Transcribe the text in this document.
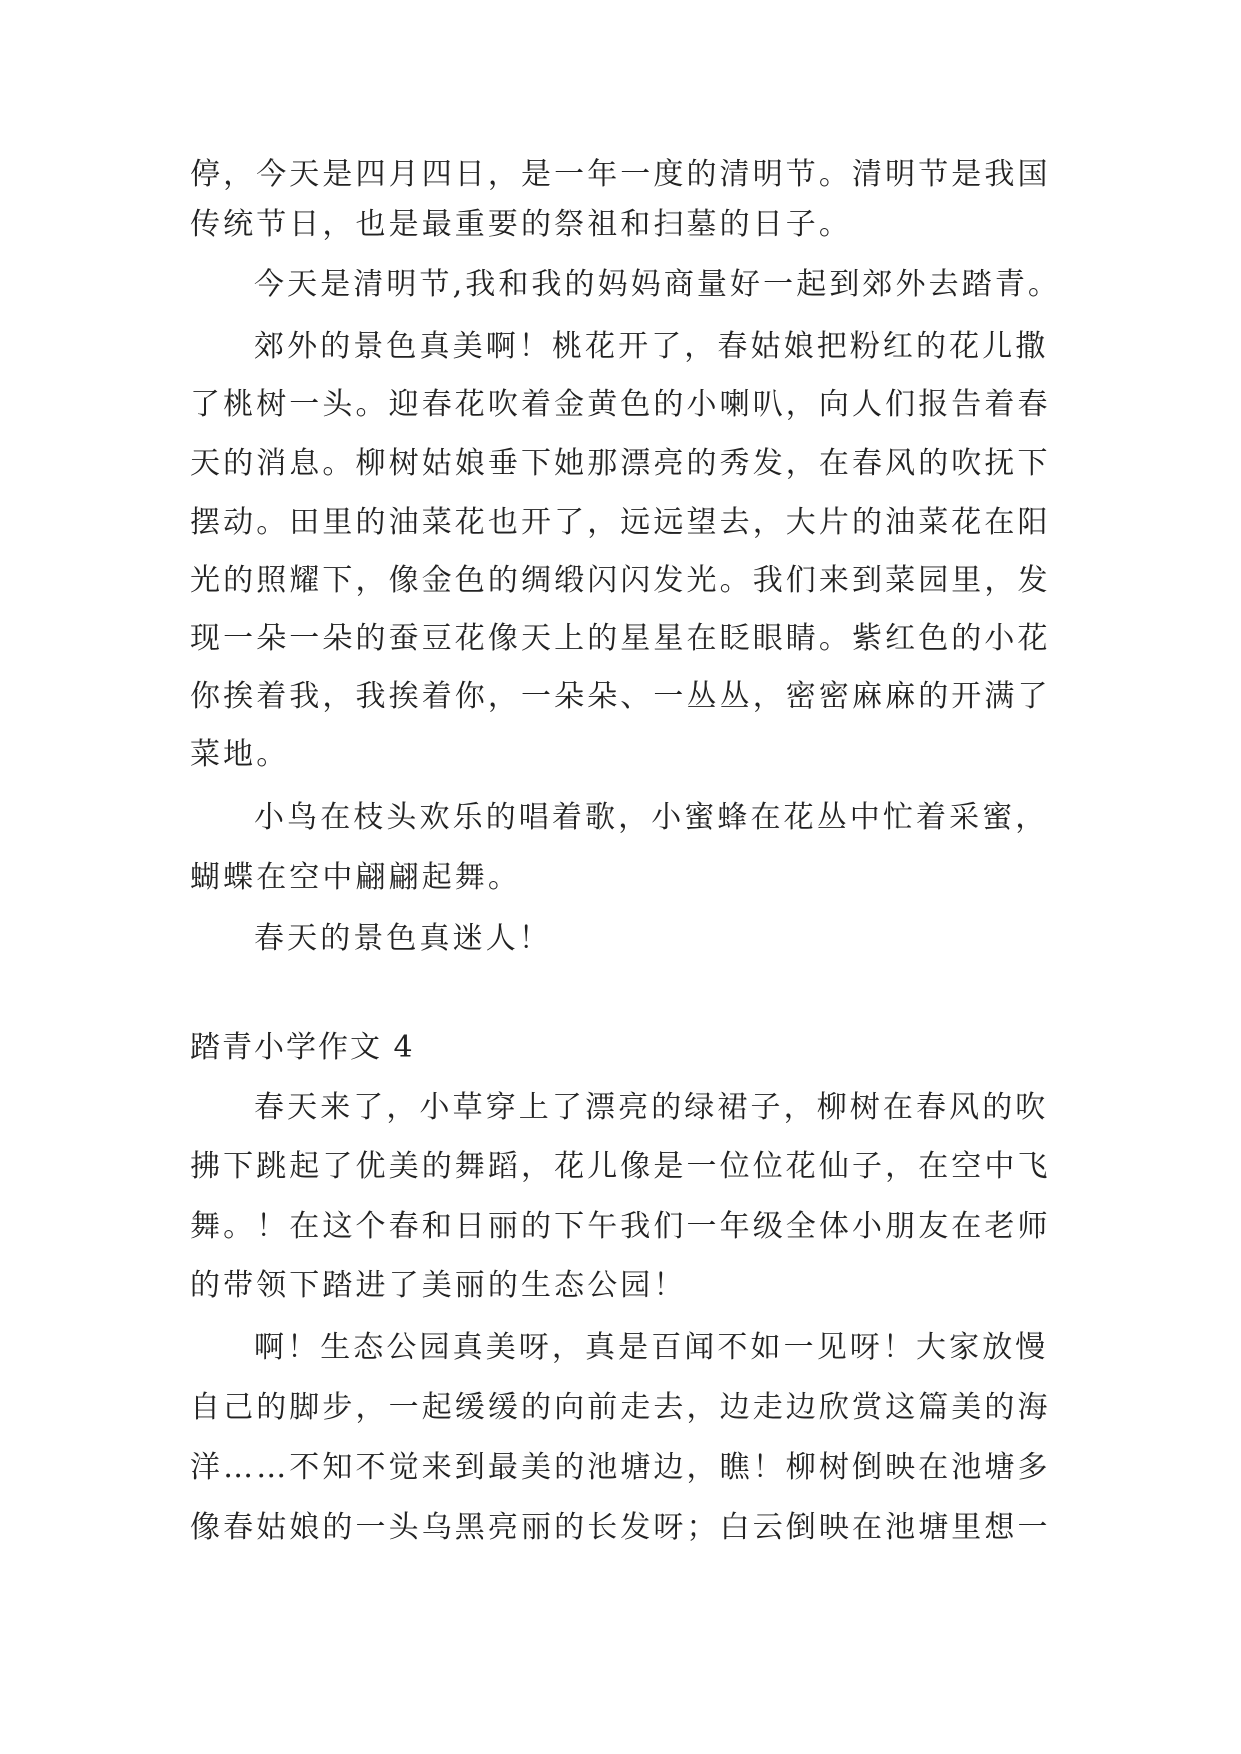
停，今天是四月四日，是一年一度的清明节。清明节是我国
传统节日，也是最重要的祭祖和扫墓的日子。
今天是清明节,我和我的妈妈商量好一起到郊外去踏青。
郊外的景色真美啊！桃花开了，春姑娘把粉红的花儿撒
了桃树一头。迎春花吹着金黄色的小喇叭，向人们报告着春
天的消息。柳树姑娘垂下她那漂亮的秀发，在春风的吹抚下
摆动。田里的油菜花也开了，远远望去，大片的油菜花在阳
光的照耀下，像金色的绸缎闪闪发光。我们来到菜园里，发
现一朵一朵的蚕豆花像天上的星星在眨眼睛。紫红色的小花
你挨着我，我挨着你，一朵朵、一丛丛，密密麻麻的开满了
菜地。
小鸟在枝头欢乐的唱着歌，小蜜蜂在花丛中忙着采蜜，
蝴蝶在空中翩翩起舞。
春天的景色真迷人！
踏青小学作文 4
春天来了，小草穿上了漂亮的绿裙子，柳树在春风的吹
拂下跳起了优美的舞蹈，花儿像是一位位花仙子，在空中飞
舞。！在这个春和日丽的下午我们一年级全体小朋友在老师
的带领下踏进了美丽的生态公园！
啊！生态公园真美呀，真是百闻不如一见呀！大家放慢
自己的脚步，一起缓缓的向前走去，边走边欣赏这篇美的海
洋……不知不觉来到最美的池塘边，瞧！柳树倒映在池塘多
像春姑娘的一头乌黑亮丽的长发呀；白云倒映在池塘里想一
